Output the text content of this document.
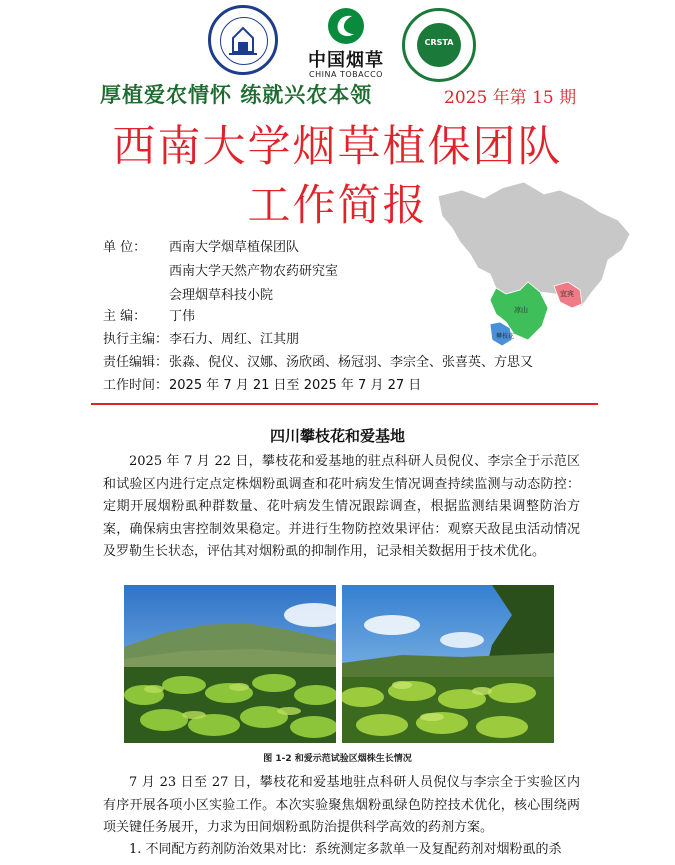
中国烟草
CHINA TOBACCO
CRSTA
厚植爱农情怀 练就兴农本领	2025 年第 15 期
西南大学烟草植保团队
工作简报
宜宾
凉山
攀枝花
单 位： 西南大学烟草植保团队
西南大学天然产物农药研究室
会理烟草科技小院
主 编： 丁伟
执行主编：李石力、周红、江其朋
责任编辑：张淼、倪仪、汉娜、汤欣函、杨冠羽、李宗全、张喜英、方思又
工作时间：2025 年 7 月 21 日至 2025 年 7 月 27 日
四川攀枝花和爱基地
2025 年 7 月 22 日，攀枝花和爱基地的驻点科研人员倪仪、李宗全于示范区和试验区内进行定点定株烟粉虱调查和花叶病发生情况调查持续监测与动态防控：定期开展烟粉虱种群数量、花叶病发生情况跟踪调查，根据监测结果调整防治方案，确保病虫害控制效果稳定。并进行生物防控效果评估：观察天敌昆虫活动情况及罗勒生长状态，评估其对烟粉虱的抑制作用，记录相关数据用于技术优化。
图 1-2 和爱示范试验区烟株生长情况
7 月 23 日至 27 日，攀枝花和爱基地驻点科研人员倪仪与李宗全于实验区内有序开展各项小区实验工作。本次实验聚焦烟粉虱绿色防控技术优化，核心围绕两项关键任务展开，力求为田间烟粉虱防治提供科学高效的药剂方案。
1. 不同配方药剂防治效果对比：系统测定多款单一及复配药剂对烟粉虱的杀
